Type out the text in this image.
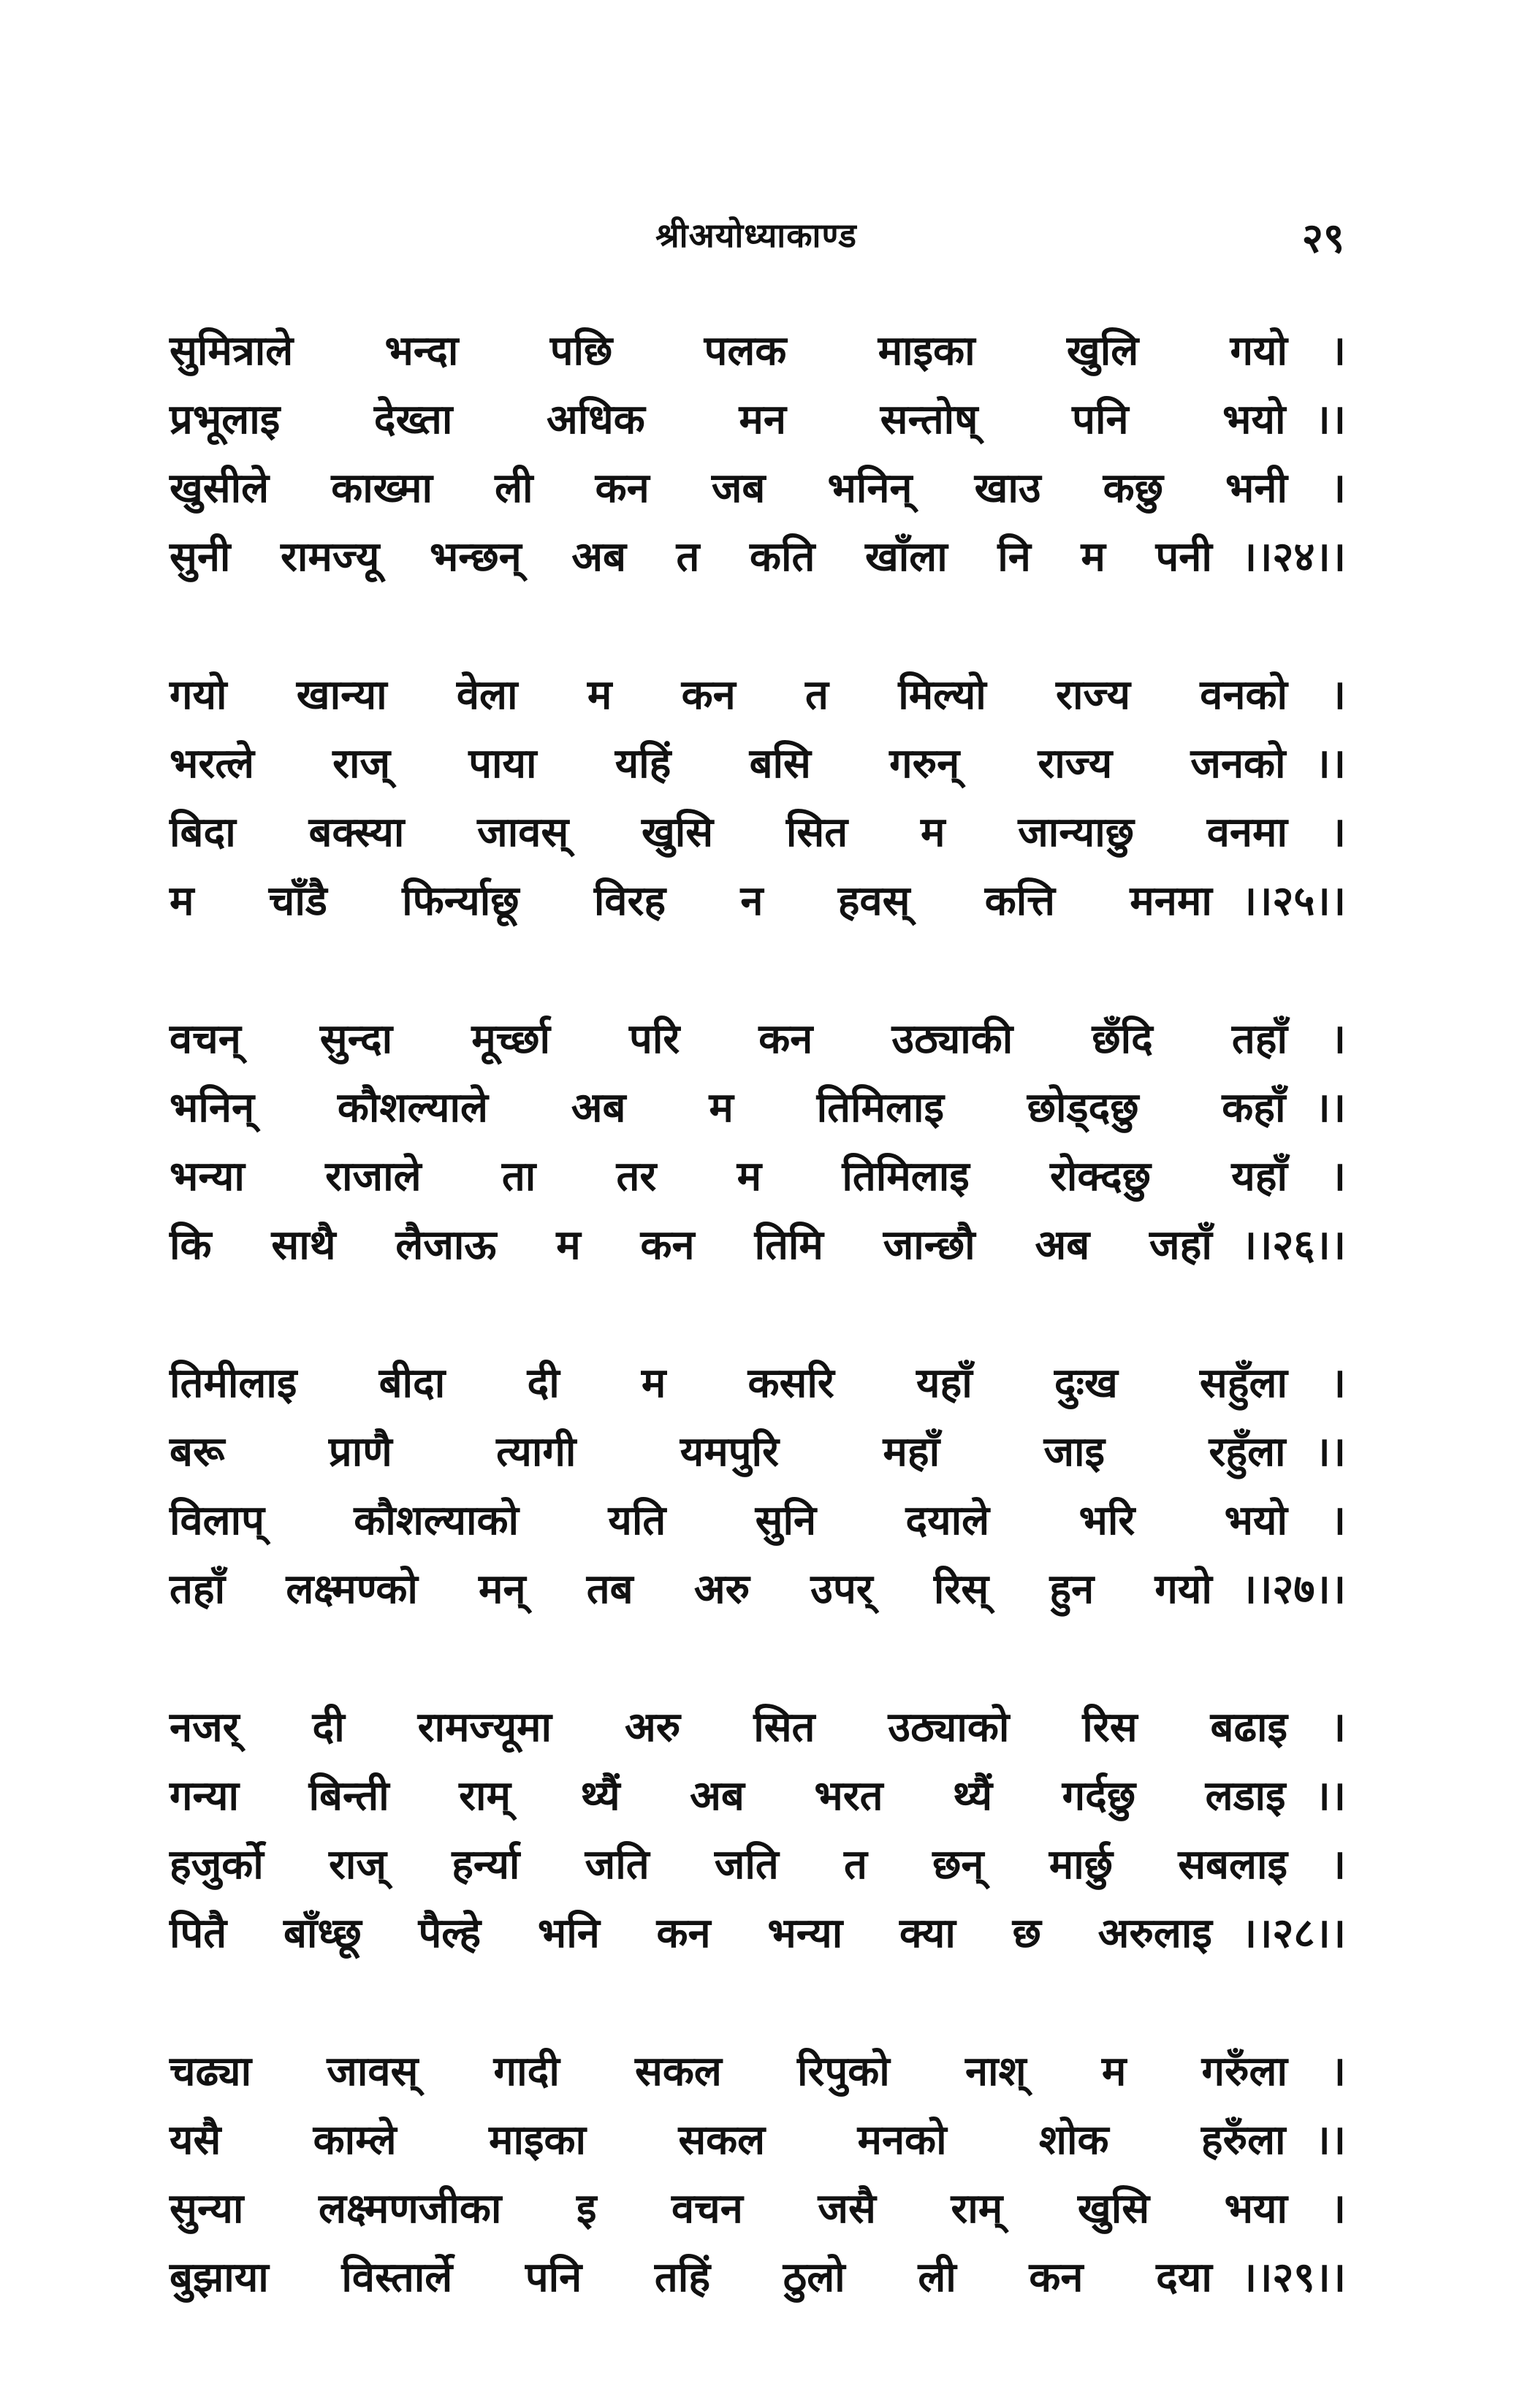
श्रीअयोध्याकाण्ड	२९
सुमित्राले भन्दा पछि पलक माइका खुलि गयो	।
प्रभूलाइ देख्ता अधिक मन सन्तोष् पनि भयो ।।
खुसीले काख्मा ली कन जब भनिन् खाउ कछु भनी	।
सुनी रामज्यू भन्छन् अब त कति खाँला नि म पनी ।।२४।।
गयो खान्या वेला म कन त मिल्यो राज्य वनको	।
भरत्ले राज् पाया यहिं बसि गरुन् राज्य जनको ।।
बिदा बक्स्या जावस् खुसि सित म जान्याछु वनमा	।
म चाँडै फिर्न्याछू विरह न हवस् कत्ति मनमा ।।२५।।
वचन् सुन्दा मूर्च्छा परि कन उठ्याकी छँदि तहाँ	।
भनिन् कौशल्याले अब म तिमिलाइ छोड्दछु कहाँ ।।
भन्या राजाले ता तर म तिमिलाइ रोक्दछु यहाँ	।
कि साथै लैजाऊ म कन तिमि जान्छौ अब जहाँ ।।२६।।
तिमीलाइ बीदा दी म कसरि यहाँ दुःख सहुँला	।
बरू प्राणै त्यागी यमपुरि महाँ जाइ रहुँला ।।
विलाप् कौशल्याको यति सुनि दयाले भरि भयो	।
तहाँ लक्ष्मण्को मन् तब अरु उपर् रिस् हुन गयो ।।२७।।
नजर् दी रामज्यूमा अरु सित उठ्याको रिस बढाइ	।
गन्या बिन्ती राम् थ्यैं अब भरत थ्यैं गर्दछु लडाइ ।।
हजुर्को राज् हर्न्या जति जति त छन् मार्छु सबलाइ	।
पितै बाँध्छू पैल्हे भनि कन भन्या क्या छ अरुलाइ ।।२८।।
चढ्या जावस् गादी सकल रिपुको नाश् म गरुँला	।
यसै काम्ले माइका सकल मनको शोक हरुँला ।।
सुन्या लक्ष्मणजीका इ वचन जसै राम् खुसि भया	।
बुझाया विस्तार्ले पनि तहिं ठुलो ली कन दया ।।२९।।
